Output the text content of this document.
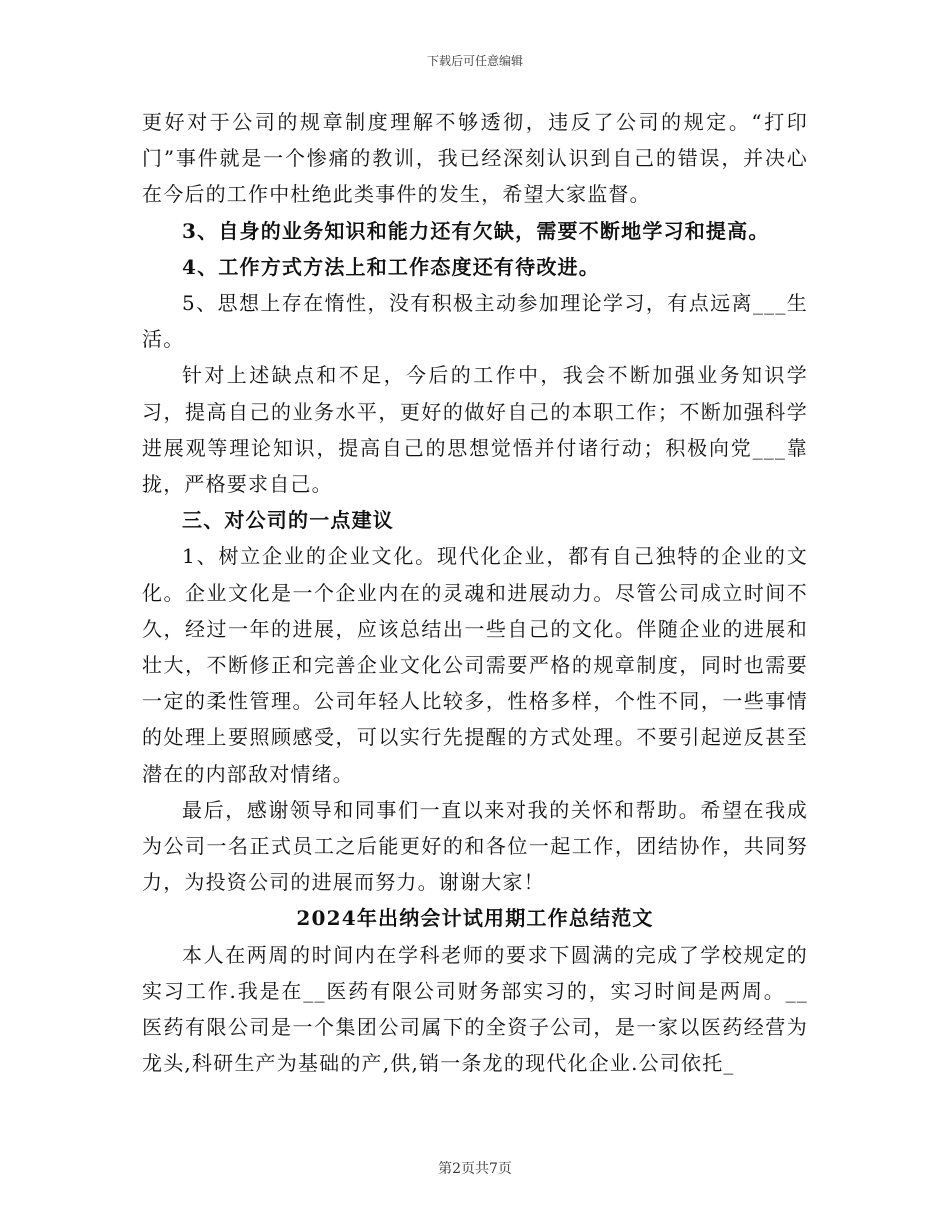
下载后可任意编辑

更好对于公司的规章制度理解不够透彻，违反了公司的规定。“打印门”事件就是一个惨痛的教训，我已经深刻认识到自己的错误，并决心在今后的工作中杜绝此类事件的发生，希望大家监督。

3、自身的业务知识和能力还有欠缺，需要不断地学习和提高。

4、工作方式方法上和工作态度还有待改进。

5、思想上存在惰性，没有积极主动参加理论学习，有点远离___生活。

针对上述缺点和不足，今后的工作中，我会不断加强业务知识学习，提高自己的业务水平，更好的做好自己的本职工作；不断加强科学进展观等理论知识，提高自己的思想觉悟并付诸行动；积极向党___靠拢，严格要求自己。

三、对公司的一点建议

1、树立企业的企业文化。现代化企业，都有自己独特的企业的文化。企业文化是一个企业内在的灵魂和进展动力。尽管公司成立时间不久，经过一年的进展，应该总结出一些自己的文化。伴随企业的进展和壮大，不断修正和完善企业文化公司需要严格的规章制度，同时也需要一定的柔性管理。公司年轻人比较多，性格多样，个性不同，一些事情的处理上要照顾感受，可以实行先提醒的方式处理。不要引起逆反甚至潜在的内部敌对情绪。

最后，感谢领导和同事们一直以来对我的关怀和帮助。希望在我成为公司一名正式员工之后能更好的和各位一起工作，团结协作，共同努力，为投资公司的进展而努力。谢谢大家！

2024年出纳会计试用期工作总结范文

本人在两周的时间内在学科老师的要求下圆满的完成了学校规定的实习工作.我是在__医药有限公司财务部实习的，实习时间是两周。__医药有限公司是一个集团公司属下的全资子公司，是一家以医药经营为龙头,科研生产为基础的产,供,销一条龙的现代化企业.公司依托_

第2页共7页
